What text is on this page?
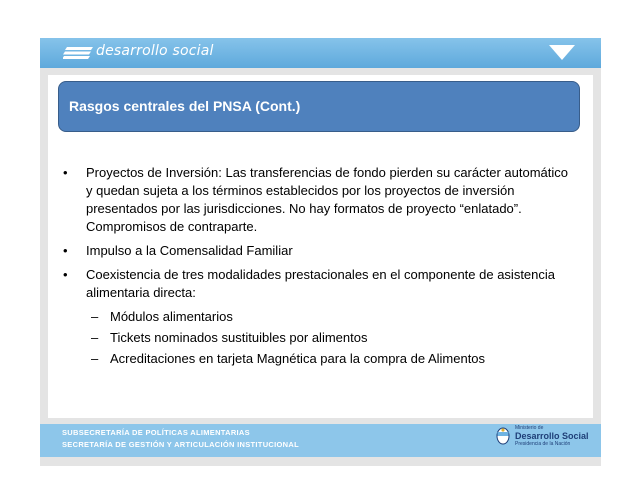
desarrollo social
Rasgos centrales del PNSA (Cont.)
• Proyectos de Inversión: Las transferencias de fondo pierden su carácter automático y quedan sujeta a los términos establecidos por los proyectos de inversión presentados por las jurisdicciones. No hay formatos de proyecto “enlatado”. Compromisos de contraparte.
• Impulso a la Comensalidad Familiar
• Coexistencia de tres modalidades prestacionales en el componente de asistencia alimentaria directa:
– Módulos alimentarios
– Tickets nominados sustituibles por alimentos
– Acreditaciones en tarjeta Magnética para la compra de Alimentos
SUBSECRETARÍA DE POLÍTICAS ALIMENTARIAS
SECRETARÍA DE GESTIÓN Y ARTICULACIÓN INSTITUCIONAL
Ministerio de
Desarrollo Social
Presidencia de la Nación
